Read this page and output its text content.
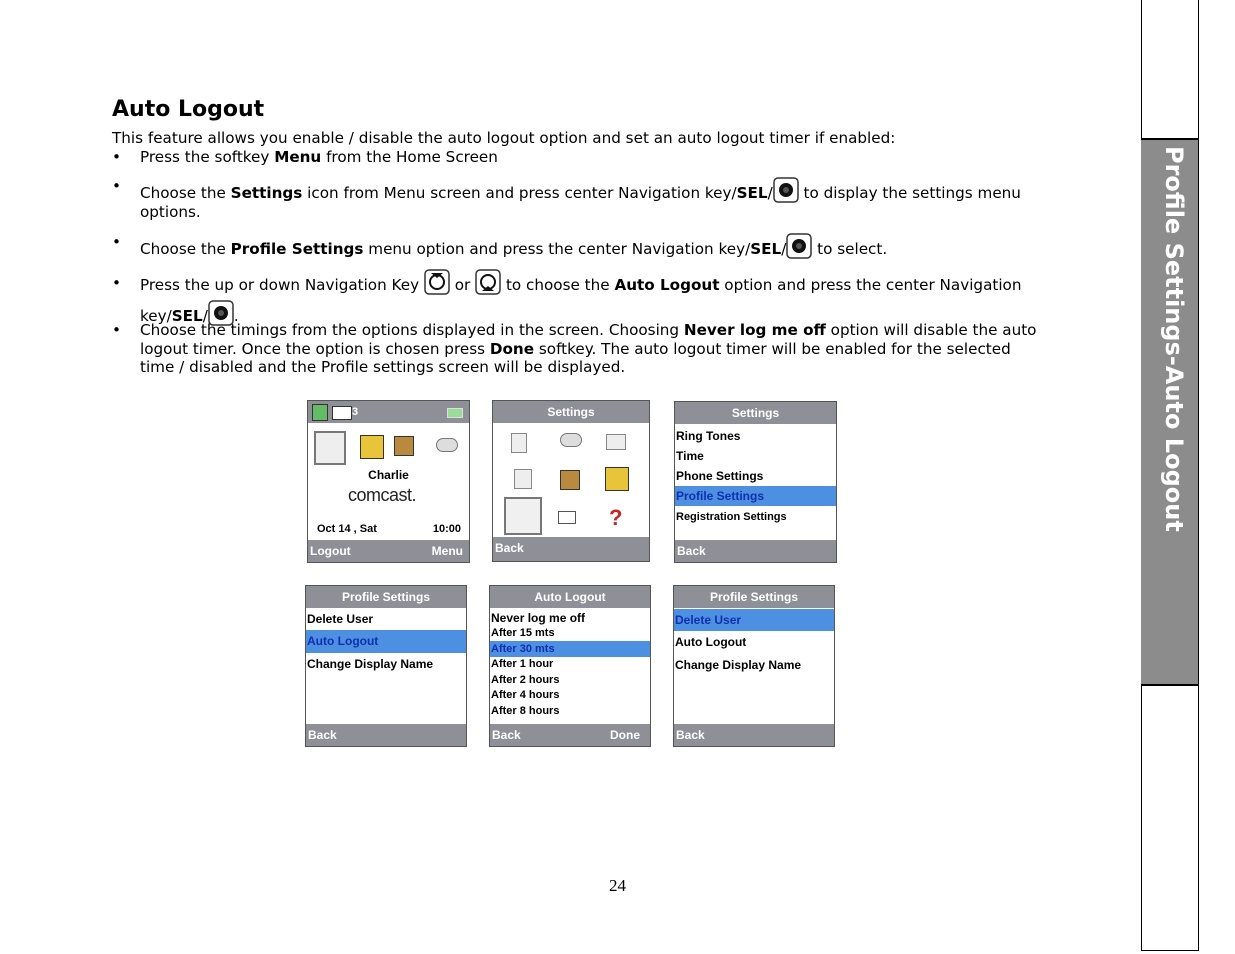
Profile Settings-Auto Logout
Auto Logout

This feature allows you enable / disable the auto logout option and set an auto logout timer if enabled:

• Press the softkey Menu from the Home Screen
• Choose the Settings icon from Menu screen and press center Navigation key/SEL/ to display the settings menu options.
• Choose the Profile Settings menu option and press the center Navigation key/SEL/ to select.
• Press the up or down Navigation Key  or  to choose the Auto Logout option and press the center Navigation key/SEL/ .
• Choose the timings from the options displayed in the screen. Choosing Never log me off option will disable the auto logout timer. Once the option is chosen press Done softkey. The auto logout timer will be enabled for the selected time / disabled and the Profile settings screen will be displayed.
3
Charlie
comcast.
Oct 14 , Sat	10:00
Logout	Menu
Settings
?
Back
Settings
Ring Tones
Time
Phone Settings
Profile Settings
Registration Settings
Back
Profile Settings
Delete User
Auto Logout
Change Display Name
Back
Auto Logout
Never log me off
After 15 mts
After 30 mts
After 1 hour
After 2 hours
After 4 hours
After 8 hours
Back	Done
Profile Settings
Delete User
Auto Logout
Change Display Name
Back
24
